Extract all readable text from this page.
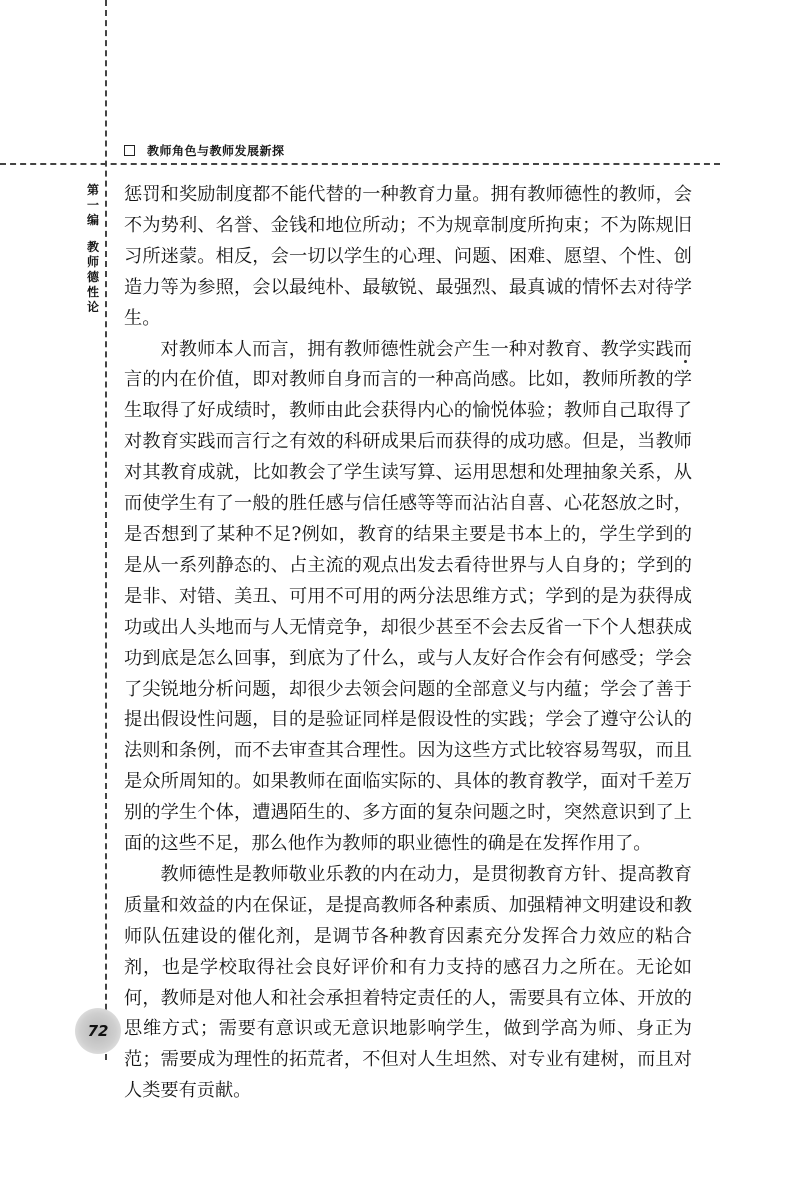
教师角色与教师发展新探
第一编
教师德性论

惩罚和奖励制度都不能代替的一种教育力量。拥有教师德性的教师，会不为势利、名誉、金钱和地位所动；不为规章制度所拘束；不为陈规旧习所迷蒙。相反，会一切以学生的心理、问题、困难、愿望、个性、创造力等为参照，会以最纯朴、最敏锐、最强烈、最真诚的情怀去对待学生。

对教师本人而言，拥有教师德性就会产生一种对教育、教学实践而言的内在价值，即对教师自身而言的一种高尚感。比如，教师所教的学生取得了好成绩时，教师由此会获得内心的愉悦体验；教师自己取得了对教育实践而言行之有效的科研成果后而获得的成功感。但是，当教师对其教育成就，比如教会了学生读写算、运用思想和处理抽象关系，从而使学生有了一般的胜任感与信任感等等而沾沾自喜、心花怒放之时，是否想到了某种不足?例如，教育的结果主要是书本上的，学生学到的是从一系列静态的、占主流的观点出发去看待世界与人自身的；学到的是非、对错、美丑、可用不可用的两分法思维方式；学到的是为获得成功或出人头地而与人无情竞争，却很少甚至不会去反省一下个人想获成功到底是怎么回事，到底为了什么，或与人友好合作会有何感受；学会了尖锐地分析问题，却很少去领会问题的全部意义与内蕴；学会了善于提出假设性问题，目的是验证同样是假设性的实践；学会了遵守公认的法则和条例，而不去审查其合理性。因为这些方式比较容易驾驭，而且是众所周知的。如果教师在面临实际的、具体的教育教学，面对千差万别的学生个体，遭遇陌生的、多方面的复杂问题之时，突然意识到了上面的这些不足，那么他作为教师的职业德性的确是在发挥作用了。

教师德性是教师敬业乐教的内在动力，是贯彻教育方针、提高教育质量和效益的内在保证，是提高教师各种素质、加强精神文明建设和教师队伍建设的催化剂，是调节各种教育因素充分发挥合力效应的粘合剂，也是学校取得社会良好评价和有力支持的感召力之所在。无论如何，教师是对他人和社会承担着特定责任的人，需要具有立体、开放的思维方式；需要有意识或无意识地影响学生，做到学高为师、身正为范；需要成为理性的拓荒者，不但对人生坦然、对专业有建树，而且对人类要有贡献。

72
